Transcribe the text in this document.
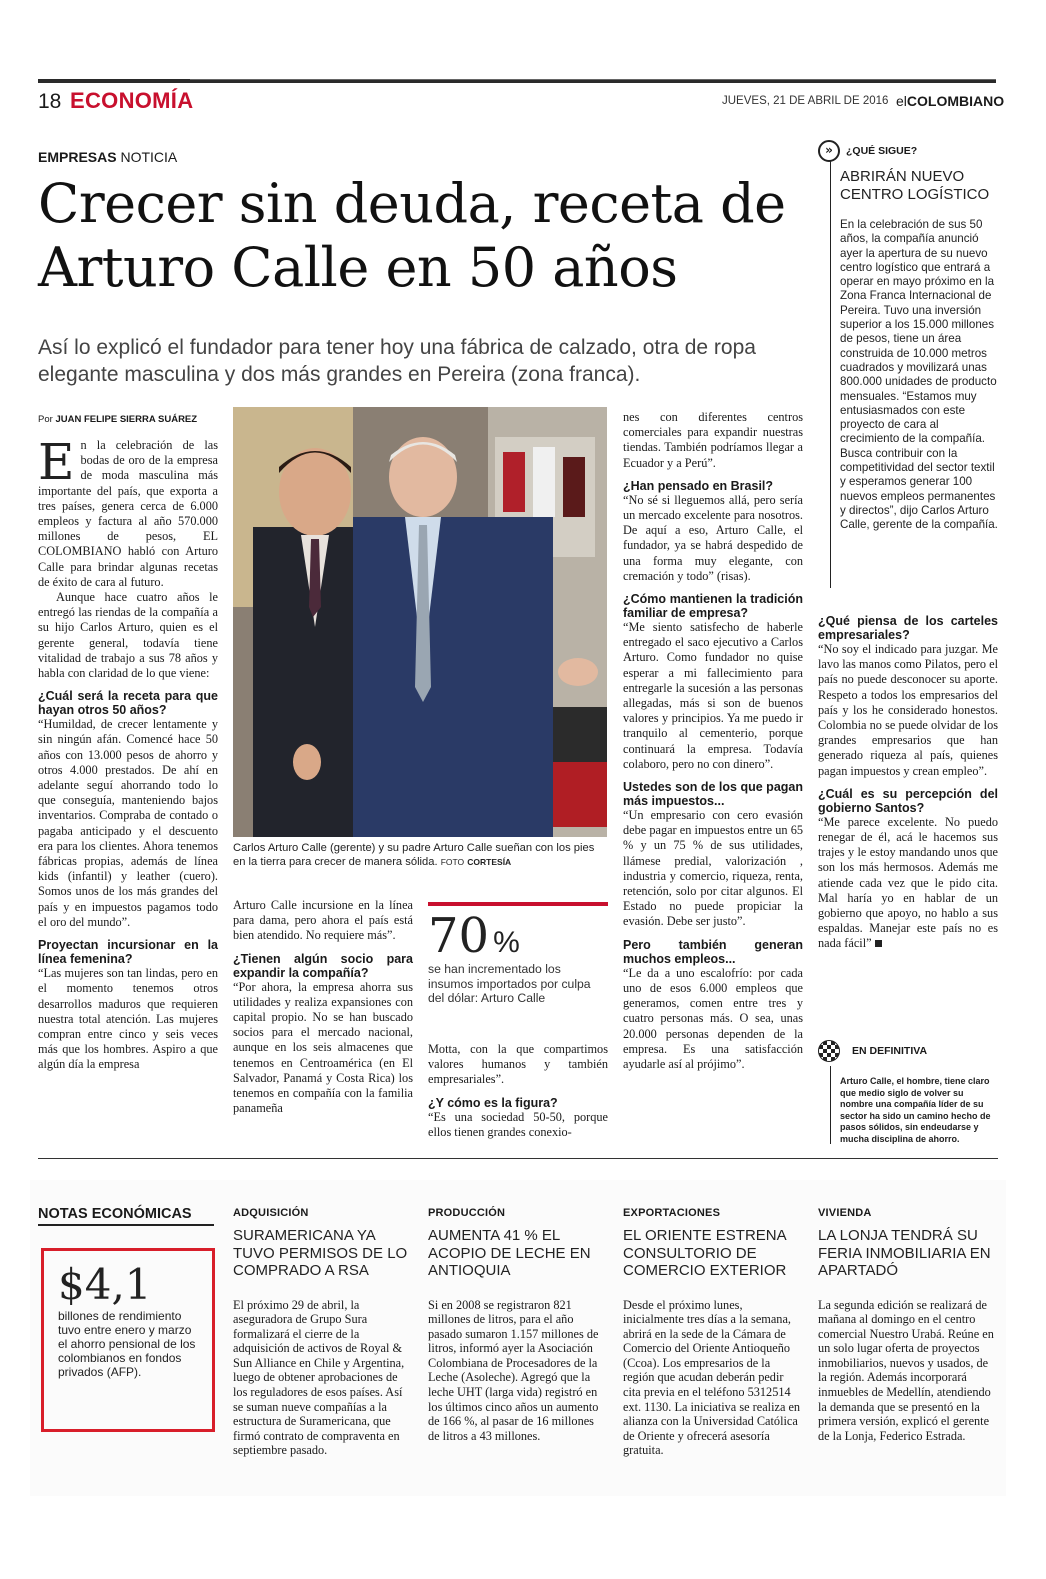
18 ECONOMÍA	JUEVES, 21 DE ABRIL DE 2016 elCOLOMBIANO
EMPRESAS NOTICIA
Crecer sin deuda, receta de Arturo Calle en 50 años
Así lo explicó el fundador para tener hoy una fábrica de calzado, otra de ropa elegante masculina y dos más grandes en Pereira (zona franca).
Por JUAN FELIPE SIERRA SUÁREZ

En la celebración de las bodas de oro de la empresa de moda masculina más importante del país, que exporta a tres países, genera cerca de 6.000 empleos y factura al año 570.000 millones de pesos, EL COLOMBIANO habló con Arturo Calle para brindar algunas recetas de éxito de cara al futuro.

Aunque hace cuatro años le entregó las riendas de la compañía a su hijo Carlos Arturo, quien es el gerente general, todavía tiene vitalidad de trabajo a sus 78 años y habla con claridad de lo que viene:

¿Cuál será la receta para que hayan otros 50 años?

“Humildad, de crecer lentamente y sin ningún afán. Comencé hace 50 años con 13.000 pesos de ahorro y otros 4.000 prestados. De ahí en adelante seguí ahorrando todo lo que conseguía, manteniendo bajos inventarios. Compraba de contado o pagaba anticipado y el descuento era para los clientes. Ahora tenemos fábricas propias, además de línea kids (infantil) y leather (cuero). Somos unos de los más grandes del país y en impuestos pagamos todo el oro del mundo”.

Proyectan incursionar en la línea femenina?

“Las mujeres son tan lindas, pero en el momento tenemos otros desarrollos maduros que requieren nuestra total atención. Las mujeres compran entre cinco y seis veces más que los hombres. Aspiro a que algún día la empresa

Carlos Arturo Calle (gerente) y su padre Arturo Calle sueñan con los pies en la tierra para crecer de manera sólida. FOTO CORTESÍA

Arturo Calle incursione en la línea para dama, pero ahora el país está bien atendido. No requiere más”.

¿Tienen algún socio para expandir la compañía?

“Por ahora, la empresa ahorra sus utilidades y realiza expansiones con capital propio. No se han buscado socios para el mercado nacional, aunque en los seis almacenes que tenemos en Centroamérica (en El Salvador, Panamá y Costa Rica) los tenemos en compañía con la familia panameña

70 %
se han incrementado los insumos importados por culpa del dólar: Arturo Calle

Motta, con la que compartimos valores humanos y también empresariales”.

¿Y cómo es la figura?

“Es una sociedad 50-50, porque ellos tienen grandes conexio-

nes con diferentes centros comerciales para expandir nuestras tiendas. También podríamos llegar a Ecuador y a Perú”.

¿Han pensado en Brasil?

“No sé si lleguemos allá, pero sería un mercado excelente para nosotros. De aquí a eso, Arturo Calle, el fundador, ya se habrá despedido de una forma muy elegante, con cremación y todo” (risas).

¿Cómo mantienen la tradición familiar de empresa?

“Me siento satisfecho de haberle entregado el saco ejecutivo a Carlos Arturo. Como fundador no quise esperar a mi fallecimiento para entregarle la sucesión a las personas allegadas, más si son de buenos valores y principios. Ya me puedo ir tranquilo al cementerio, porque continuará la empresa. Todavía colaboro, pero no con dinero”.

Ustedes son de los que pagan más impuestos...

“Un empresario con cero evasión debe pagar en impuestos entre un 65 % y un 75 % de sus utilidades, llámese predial, valorización , industria y comercio, riqueza, renta, retención, solo por citar algunos. El Estado no puede propiciar la evasión. Debe ser justo”.

Pero también generan muchos empleos...

“Le da a uno escalofrío: por cada uno de esos 6.000 empleos que generamos, comen entre tres y cuatro personas más. O sea, unas 20.000 personas dependen de la empresa. Es una satisfacción ayudarle así al prójimo”.

»	¿QUÉ SIGUE?
ABRIRÁN NUEVO CENTRO LOGÍSTICO
En la celebración de sus 50 años, la compañía anunció ayer la apertura de su nuevo centro logístico que entrará a operar en mayo próximo en la Zona Franca Internacional de Pereira. Tuvo una inversión superior a los 15.000 millones de pesos, tiene un área construida de 10.000 metros cuadrados y movilizará unas 800.000 unidades de producto mensuales. “Estamos muy entusiasmados con este proyecto de cara al crecimiento de la compañía. Busca contribuir con la competitividad del sector textil y esperamos generar 100 nuevos empleos permanentes y directos”, dijo Carlos Arturo Calle, gerente de la compañía.

¿Qué piensa de los carteles empresariales?

“No soy el indicado para juzgar. Me lavo las manos como Pilatos, pero el país no puede desconocer su aporte. Respeto a todos los empresarios del país y los he considerado honestos. Colombia no se puede olvidar de los grandes empresarios que han generado riqueza al país, quienes pagan impuestos y crean empleo”.

¿Cuál es su percepción del gobierno Santos?

“Me parece excelente. No puedo renegar de él, acá le hacemos sus trajes y le estoy mandando unos que son los más hermosos. Además me atiende cada vez que le pido cita. Mal haría yo en hablar de un gobierno que apoyo, no hablo a sus espaldas. Manejar este país no es nada fácil”

EN DEFINITIVA
Arturo Calle, el hombre, tiene claro que medio siglo de volver su nombre una compañía líder de su sector ha sido un camino hecho de pasos sólidos, sin endeudarse y mucha disciplina de ahorro.
NOTAS ECONÓMICAS
$4,1
billones de rendimiento tuvo entre enero y marzo el ahorro pensional de los colombianos en fondos privados (AFP).
ADQUISICIÓN
SURAMERICANA YA TUVO PERMISOS DE LO COMPRADO A RSA
El próximo 29 de abril, la aseguradora de Grupo Sura formalizará el cierre de la adquisición de activos de Royal & Sun Alliance en Chile y Argentina, luego de obtener aprobaciones de los reguladores de esos países. Así se suman nueve compañías a la estructura de Suramericana, que firmó contrato de compraventa en septiembre pasado.
PRODUCCIÓN
AUMENTA 41 % EL ACOPIO DE LECHE EN ANTIOQUIA
Si en 2008 se registraron 821 millones de litros, para el año pasado sumaron 1.157 millones de litros, informó ayer la Asociación Colombiana de Procesadores de la Leche (Asoleche). Agregó que la leche UHT (larga vida) registró en los últimos cinco años un aumento de 166 %, al pasar de 16 millones de litros a 43 millones.
EXPORTACIONES
EL ORIENTE ESTRENA CONSULTORIO DE COMERCIO EXTERIOR
Desde el próximo lunes, inicialmente tres días a la semana, abrirá en la sede de la Cámara de Comercio del Oriente Antioqueño (Ccoa). Los empresarios de la región que acudan deberán pedir cita previa en el teléfono 5312514 ext. 1130. La iniciativa se realiza en alianza con la Universidad Católica de Oriente y ofrecerá asesoría gratuita.
VIVIENDA
LA LONJA TENDRÁ SU FERIA INMOBILIARIA EN APARTADÓ
La segunda edición se realizará de mañana al domingo en el centro comercial Nuestro Urabá. Reúne en un solo lugar oferta de proyectos inmobiliarios, nuevos y usados, de la región. Además incorporará inmuebles de Medellín, atendiendo la demanda que se presentó en la primera versión, explicó el gerente de la Lonja, Federico Estrada.
